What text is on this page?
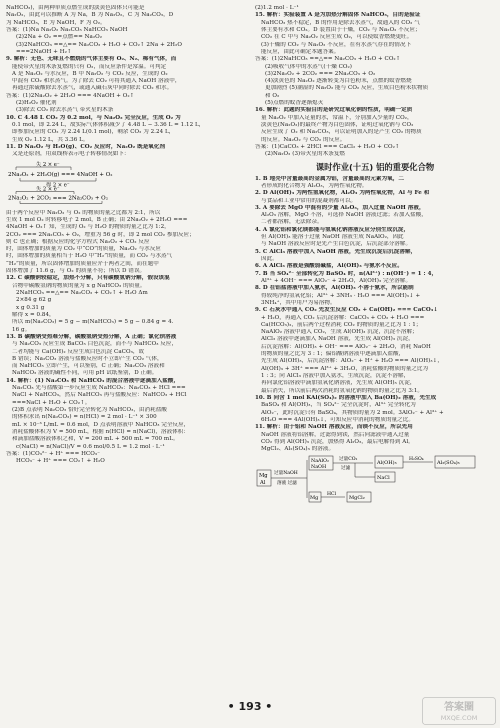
NaHCO₃)，由两种单质点燃生成的淡黄色固体只可能是
Na₂O₂，由此可以推断 A 为 Na，B 为 Na₂O₂，C 为 Na₂CO₃，D
为 NaHCO₃，E 为 NaOH，F 为 O₂。
答案：(1)Na Na₂O₂ Na₂CO₃ NaHCO₃ NaOH
(2)2Na + O₂ ==点燃== Na₂O₂
(3)2NaHCO₃ ==△== Na₂CO₃ + H₂O + CO₂↑ 2Na + 2H₂O
===2NaOH + H₂↑
9. 解析：无色、无味且不燃烧的气体主要有 O₂、N₂、稀有气体，而
能使带火星的木条复燃的只有 O₂，而反应条件是常温。可判定
A 是 Na₂O₂ 与水反应，B 中 Na₂O₂ 与 CO₂ 反应，生成的 O₂
中混有 CO₂ 和水蒸气。为了除去 CO₂ 可将其通入 NaOH 溶液中，
再通过浓硫酸除去水蒸气，或通入碱石灰中同时除去 CO₂ 和水。
答案：(1)2Na₂O₂ + 2H₂O === 4NaOH + O₂↑
(2)H₂O₂ 催化剂
(3)除去 CO₂ 除去水蒸气 带火星的木条
10. C 4.48 L CO₂ 为 0.2 mol，与 Na₂O₂ 完全反应，生成 O₂ 为
0.1 mol，即 2.24 L，故实际气体体积减少了 4.48 L − 3.36 L = 1.12 L，
即参加反应的 CO₂ 为 2.24 L(0.1 mol)，剩余 CO₂ 为 2.24 L，
生成 O₂ 1.12 L，共 3.36 L。
11. D Na₂O₂ 与 H₂O(g)、CO₂ 反应时，Na₂O₂ 既是氧化剂
又是还原剂，用双线桥表示电子转移情况如下：
失 2 × e⁻
2Na₂O₂ + 2H₂O(g) === 4NaOH + O₂
得 2 × e⁻
失 2 × e⁻
2Na₂O₂ + 2CO₂ === 2Na₂CO₃ + O₂
由于两个反应中 Na₂O₂ 与 O₂ 的物质的量之比都为 2:1，所以
生成 1 mol O₂ 时转移电子 2 mol，B 正确；由 2Na₂O₂ + 2H₂O ===
4NaOH + O₂↑ 知，生成的 O₂ 与 H₂O 的物质的量之比为 1:2，
2CO₂ === 2Na₂CO₃ + O₂，增重为 56 g 时，即 2 mol CO₂ 参加反应；
则 C 也正确；根据反应的化学方程式 Na₂O₂ + CO₂ 反应
时，固体增加的质量为 CO₂ 中“CO”的质量，Na₂O₂ 与水反应
时，固体增加的质量相当于 H₂O 中“H₂”的质量，而 CO₂ 与水蒸气
“H₂”的质量，所以固体增加的质量应介于两者之间，而在题中
固体增加了 11.6 g，与 O₂ 的质量不符；所以 D 错误。
12. C 碳酸钠较稳定，加热不分解，只有碳酸氢钠分解，假设该混
合物中碳酸氢钠的物质的量为 x g NaHCO₃ 的质量。
2NaHCO₃ ==△== Na₂CO₃ + CO₂↑ + H₂O Δm
2×84 g 62 g
x g 0.31 g
解得 x = 0.84，
所以 m(Na₂CO₃) = 5 g − m(NaHCO₃) = 5 g − 0.84 g = 4.
16 g。
13. B 碳酸钠受热难分解，碳酸氢钠受热分解，A 正确；氯化钡溶液
与 Na₂CO₃ 反应生成 BaCO₃ 白色沉淀，而不与 NaHCO₃ 反应，
二者均能与 Ca(OH)₂ 反应生成白色沉淀 CaCO₃，故
B 错误；Na₂CO₃ 溶液与盐酸反应时不立即产生 CO₂ 气体，
而 NaHCO₃ 立即产生，可以鉴别，C 正确；Na₂CO₃ 溶液和
NaHCO₃ 溶液的碱性不同，可用 pH 试纸鉴别，D 正确。
14. 解析：(1) Na₂CO₃ 和 NaHCO₃ 的混合溶液中逐滴加入盐酸，
Na₂CO₃ 先与盐酸第一步反应生成 NaHCO₃：Na₂CO₃ + HCl ===
NaCl + NaHCO₃，然后 NaHCO₃ 再与盐酸反应：NaHCO₃ + HCl
===NaCl + H₂O + CO₂↑。
(2)B 点表明 Na₂CO₃ 恰好完全转化为 NaHCO₃，由消耗盐酸
的体积求出 n(Na₂CO₃) = n(HCl) = 2 mol · L⁻¹ × 300
mL × 10⁻³ L/mL = 0.6 mol，D 点表明溶液中 NaHCO₃ 完全反应，
消耗盐酸体积为 V = 500 mL，根据 n(HCl) = n(NaCl)，溶液体积：
和滴加盐酸溶液体积之和，V = 200 mL + 500 mL = 700 mL。
c(NaCl) = n(NaCl)/V = 0.6 mol/0.5 L = 1.2 mol · L⁻¹
答案：(1)CO₃²⁻ + H⁺ === HCO₃⁻
HCO₃⁻ + H⁺ === CO₂↑ + H₂O
(2)1.2 mol · L⁻¹
15. 解析：实验装置 A 是为加热分解固体 NaHCO₃，目的是验证
NaHCO₃ 热不稳定，B 的作用是除去水蒸气，故通入的 CO₂ 气
体主要有水和 CO₂。D 装置由于干燥，CO₂ 与 Na₂O₂ 不反应；
CO₂ 在 C 中与 Na₂O₂ 反应生成 O₂，可以使蚊香燃烧更旺。
(3)干燥的 CO₂ 与 Na₂O₂ 不反应，在有水蒸气存在的情况下
能反应，由此可确定本题答案。
答案：(1)2NaHCO₃ ==△== Na₂CO₃ + H₂O + CO₂↑
(2)吸收气体中的水蒸气(干燥 CO₂)
(3)2Na₂O₂ + 2CO₂ === 2Na₂CO₃ + O₂
(4)淡黄色的 Na₂O₂ 逐渐转变为白色粉末，点燃的蚊香燃烧
更加剧烈 (5)潮湿的 Na₂O₂ 能与 CO₂ 反应，生成白色粉末状物质
和 O₂
(5)点燃的蚊香逐渐熄灭
16. 解析：此题的实验目的是研究过氧化钠的性质，明确一定质
量 Na₂O₂ 中加入足量的水，常温下，分别加入少量的 CO₂，
淡黄色(Na₂O₂)的最终产物为白色固体，证明过氧化钠与 CO₂
反应生成了 O₂ 和 Na₂CO₃，可以证明加入的是产生 CO₂ 的物质
的反应。Na₂O₂ 与 CO₂ 的反应。
答案：(1)CaCO₃ + 2HCl === CaCl₂ + H₂O + CO₂↑
(2)Na₂O₂ (3)带火星的木条复燃
课时作业(十五) 铝的重要化合物
1. B 地壳中含量最高的金属为铝，含量最高的元素为氧，二
者形成的化合物为 Al₂O₃，为两性氧化物。
2. D Al(OH)₃ 为两性氢氧化物，Al₂O₃ 为两性氧化物，Al 与 Fe 和
与食品和工业中常用的混凝剂都可以。
3. A 要除去 MgO 中混有的少量 Al₂O₃，加入过量 NaOH 溶液，
Al₂O₃ 溶解，MgO 不溶，可选择 NaOH 溶液过滤；若加入盐酸，
二者都溶解，无法除杂。
4. A 氯化铝和氯化镁都能与氢氧化钠溶液反应分别生成沉淀，
但 Al(OH)₃ 能溶于过量 NaOH 溶液生成 NaAlO₂，因此
与 NaOH 溶液反应时是先产生白色沉淀，后沉淀部分溶解。
5. C AlCl₃ 溶液中加入 NaOH 溶液，先生成沉淀后沉淀溶解，
因此。
6. A AlCl₃ 溶液是强酸弱碱盐，Al(OH)₃ 与氨水不反应。
7. B 当 SO₄²⁻ 全部转化为 BaSO₄ 时，n(Al³⁺) : n(OH⁻) = 1 : 4，
Al³⁺ + 4OH⁻ === AlO₂⁻ + 2H₂O，Al(OH)₃ 完全溶解。
8. D 在铝盐溶液中加入氨水，Al(OH)₃ 不溶于氨水，所以能制
得较纯净的氢氧化铝；Al³⁺ + 3NH₃ · H₂O === Al(OH)₃↓ +
3NH₄⁺，其中用户为易溶物。
9. C 石灰水中通入 CO₂ 先发生反应 CO₂ + Ca(OH)₂ === CaCO₃↓
+ H₂O，再通入 CO₂ 后沉淀溶解：CaCO₃ + CO₂ + H₂O ===
Ca(HCO₃)₂，前后两个过程消耗 CO₂ 的物质的量之比为 1 : 1；
NaAlO₂ 溶液中通入 CO₂，生成 Al(OH)₃ 沉淀，沉淀不溶解；
AlCl₃ 溶液中逐滴加入 NaOH 溶液，先生成 Al(OH)₃ 沉淀，
后沉淀溶解：Al(OH)₃ + OH⁻ === AlO₂⁻ + 2H₂O，消耗 NaOH
的物质的量之比为 3 : 1；偏铝酸钠溶液中逐滴加入盐酸，
先生成 Al(OH)₃，后沉淀溶解：AlO₂⁻ + H⁺ + H₂O === Al(OH)₃↓，
Al(OH)₃ + 3H⁺ === Al³⁺ + 3H₂O，消耗盐酸的物质的量之比为
1 : 3；向 AlCl₃ 溶液中加入氨水，生成沉淀，沉淀不溶解，
再向氯化铝溶液中滴加氢氧化钠溶液，先生成 Al(OH)₃ 沉淀，
最后消失，所以前后两次消耗的氢氧化钠的物质的量之比为 3:1。
10. B 向含 1 mol KAl(SO₄)₂ 的溶液中加入 Ba(OH)₂ 溶液，先生成
BaSO₄ 和 Al(OH)₃，当 SO₄²⁻ 完全沉淀时，Al³⁺ 完全转化为
AlO₂⁻，此时沉淀只有 BaSO₄，其物质的量为 2 mol。3AlO₂⁻ + Al³⁺ +
6H₂O === 4Al(OH)₃↓，可知反应中消耗的物质的量之比。
11. 解析：由于铝和 NaOH 溶液反应，而镁不反应，所以先用
NaOH 溶液将铝溶解，过滤得到镁，然后向滤液中通入过量
CO₂ 得到 Al(OH)₃ 沉淀，加热得 Al₂O₃，最后电解得到 Al。
MgCl₂、Al₂(SO₄)₃ 的溶液。
Mg
Al
过量NaOH
溶液 过滤
NaAlO₂
NaOH
过量CO₂
过滤
Al(OH)₃
H₂SO₄
Al₂(SO₄)₃
NaCl
Mg
HCl
MgCl₂
• 193 •	答案圈
MXQE.COM
